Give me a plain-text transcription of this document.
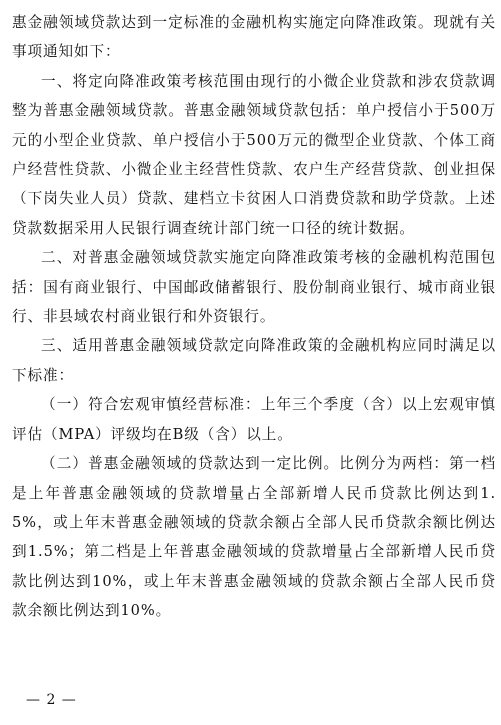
惠金融领域贷款达到一定标准的金融机构实施定向降准政策。现就有关事项通知如下：

一、将定向降准政策考核范围由现行的小微企业贷款和涉农贷款调整为普惠金融领域贷款。普惠金融领域贷款包括：单户授信小于500万元的小型企业贷款、单户授信小于500万元的微型企业贷款、个体工商户经营性贷款、小微企业主经营性贷款、农户生产经营贷款、创业担保（下岗失业人员）贷款、建档立卡贫困人口消费贷款和助学贷款。上述贷款数据采用人民银行调查统计部门统一口径的统计数据。

二、对普惠金融领域贷款实施定向降准政策考核的金融机构范围包括：国有商业银行、中国邮政储蓄银行、股份制商业银行、城市商业银行、非县域农村商业银行和外资银行。

三、适用普惠金融领域贷款定向降准政策的金融机构应同时满足以下标准：

（一）符合宏观审慎经营标准：上年三个季度（含）以上宏观审慎评估（MPA）评级均在B级（含）以上。

（二）普惠金融领域的贷款达到一定比例。比例分为两档：第一档是上年普惠金融领域的贷款增量占全部新增人民币贷款比例达到1.5%，或上年末普惠金融领域的贷款余额占全部人民币贷款余额比例达到1.5%；第二档是上年普惠金融领域的贷款增量占全部新增人民币贷款比例达到10%，或上年末普惠金融领域的贷款余额占全部人民币贷款余额比例达到10%。

— 2 —
